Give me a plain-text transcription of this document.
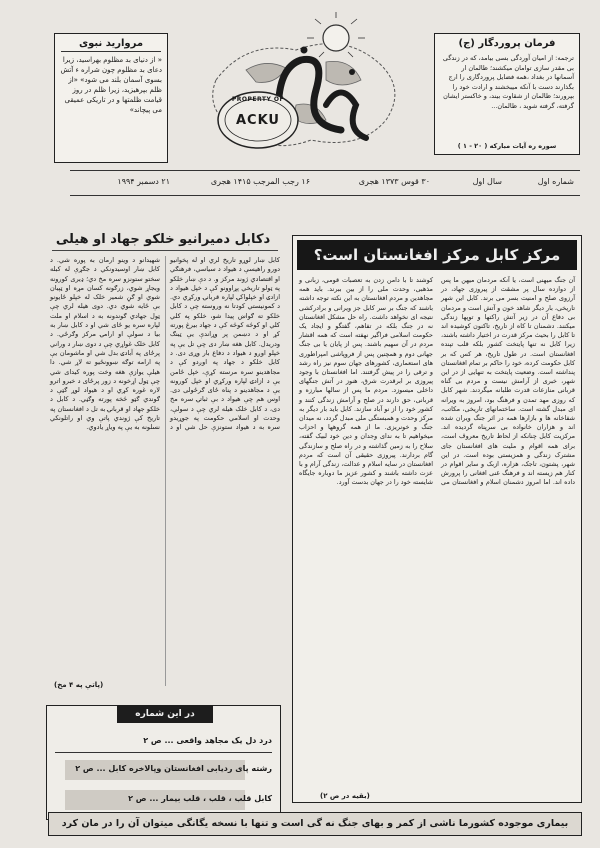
مروارید نبوی
« از دنیای بد مظلوم بهراسید، زیرا دعای بد مظلوم چون شراره ء آتش بسوی آسمان بلند می شود» «از ظلم بپرهیزید، زیرا ظلم در روز قیامت ظلمتها و در تاریکی عمیقی می پیچاند»
PROPERTY OF
ACKU
فرمان پروردگار (ج)
ترجمه: از امیان آوردگی بسی بیامد، که در زندگی بی مقدر سازی توامان میکشند؛ ظالمان ار آسمانها در بغداد ،همه فضایل پروردگاری را ارج بگذارند دست با آنکه میبخشند و ارادت خود را بپرورند؛ ظالمان از شقاوت بیند، و خاکستر ایشان گرفته، گرفته شوید ، ظالمان...
سوره ره آیات مبارکه ( ۲۰ - ۱ )
شماره اول
سال اول
۳۰ قوس ۱۳۷۳ هجری
۱۶ رجب المرجب ۱۴۱۵ هجری
۲۱ دسمبر ۱۹۹۴
دکابل دمیرانیو خلکو جهاد او هیلی
کابل ښار لوړو تاریخ لري او له پخوانیو دورو راهیسې د هیواد د سیاسي، فرهنګي او اقتصادي ژوند مرکز و. د دې ښار خلکو په ټولو تاریخي پړاوونو کې د خپل هیواد د ازادۍ او خپلواکۍ لپاره قربانۍ ورکړي دي. د کمونیستي کودتا نه وروسته چې د کابل خلکو ته ګواښ پیدا شو، خلکو په کلي کلي او کوڅه کوڅه کې د جهاد بیرغ پورته کړ او د دښمن پر وړاندې یې ټینګ ودریدل. کابل هغه ښار دی چې تل یې په خپلو اوږو د هیواد د دفاع بار وړی دی. د کابل خلکو د جهاد په اوږدو کې د مجاهدینو سره مرسته کړې، خپل ځامن یې د ازادۍ لپاره ورکړي او خپل کورونه یې د مجاهدینو د پناه ځای ګرځولی دی. اوس هم چې هیواد د بې ثباتۍ سره مخ دی، د کابل خلک هیله لري چې د سولې، وحدت او اسلامي حکومت په جوړیدو سره به د هیواد ستونزې حل شي او د شهیدانو د وینو ارمان به پوره شي. د کابل ښار اوسیدونکي د جګړې له کبله سختو ستونزو سره مخ دي؛ ډیری کورونه ویجاړ شوي، زرګونه کسان مړه او ټپیان شوي او ګڼ شمیر خلک له خپلو ځایونو بې ځایه شوي دي. دوی هیله لري چې ټول جهادي ګوندونه به د اسلام او ملت لپاره سره یو ځای شي او د کابل ښار به بیا د سولې او ارامۍ مرکز وګرځي. د کابل خلک غواړي چې د دوی ښار د وراني پرځای په آبادۍ بدل شي او ماشومان یې په ارامه توګه ښوونځیو ته لاړ شي. دا هیلې یوازې هغه وخت پوره کیدای شي چې ټول اړخونه د زور پرځای د خبرو اترو لاره غوره کړي او د هیواد لوړ ګټې د ګوندي ګټو څخه پورته وګڼي. د کابل د خلکو جهاد او قربانۍ به تل د افغانستان په تاریخ کې ژوندي پاتې وي او راتلونکي نسلونه به یې په ویاړ یادوي.
(پاتې په ۴ مخ)
در این شماره
درد دل یک مجاهد واقعی ... ص ۲
رشته پای ردیابی افغانستان وپالاخره کابل ... ص ۲
کابل قلب ، قلب ، قلب بیمار ... ص ۲
مرکز کابل مرکز افغانستان است؟
آن جنگ میهنی است، یا آنکه مردمان میهن ما پس از دوازده سال پر مشقت از پیروزی جهاد، در آرزوی صلح و امنیت بسر می برند. کابل این شهر تاریخی، بار دیگر شاهد خون و آتش است و مردمان بی دفاع آن در زیر آتش راکتها و توپها زندگی میکنند. دشمنان تا کاه از تاریخ، تاکنون کوشیده اند تا کابل را بحیث مرکز قدرت در اختیار داشته باشند، زیرا کابل نه تنها پایتخت کشور بلکه قلب تپنده افغانستان است. در طول تاریخ، هر کس که بر کابل حکومت کرده، خود را حاکم بر تمام افغانستان پنداشته است. وضعیت پایتخت به تنهایی از در این شهر، خبری از آرامش نیست و مردم بی گناه قربانی منازعات قدرت طلبانه میگردند. شهر کابل که روزی مهد تمدن و فرهنگ بود، امروز به ویرانه ای مبدل گشته است. ساختمانهای تاریخی، مکاتب، شفاخانه ها و بازارها همه در اثر جنگ ویران شده اند و هزاران خانواده بی سرپناه گردیده اند. مرکزیت کابل چنانکه از لحاظ تاریخ معروف است، برای همه اقوام و ملیت های افغانستان جای مشترک زندگی و همزیستی بوده است. در این شهر، پشتون، تاجک، هزاره، ازبک و سایر اقوام در کنار هم زیسته اند و فرهنگ غنی افغانی را پرورش داده اند. اما امروز دشمنان اسلام و افغانستان می کوشند تا با دامن زدن به تعصبات قومی، زبانی و مذهبی، وحدت ملی را از بین ببرند. باید همه مجاهدین و مردم افغانستان به این نکته توجه داشته باشند که جنگ بر سر کابل جز ویرانی و برادرکشی نتیجه ای نخواهد داشت. راه حل مشکل افغانستان نه در جنگ بلکه در تفاهم، گفتگو و ایجاد یک حکومت اسلامی فراگیر نهفته است که همه اقشار مردم در آن سهیم باشند. پس از پایان یا بی جنگ جهانی دوم و همچنین پس از فروپاشی امپراطوری های استعماری، کشورهای جهان سوم نیز راه رشد و ترقی را در پیش گرفتند. اما افغانستان با وجود پیروزی بر ابرقدرت شرق، هنوز در آتش جنگهای داخلی میسوزد. مردم ما پس از سالها مبارزه و قربانی، حق دارند در صلح و آرامش زندگی کنند و کشور خود را از نو آباد سازند. کابل باید بار دیگر به مرکز وحدت و همبستگی ملی مبدل گردد، نه میدان جنگ و خونریزی. ما از همه گروهها و احزاب میخواهیم تا به ندای وجدان و دین خود لبیک گفته، سلاح را به زمین گذاشته و در راه صلح و سازندگی گام بردارند. پیروزی حقیقی آن است که مردم افغانستان در سایه اسلام و عدالت، زندگی آرام و با عزت داشته باشند و کشور عزیز ما دوباره جایگاه شایسته خود را در جهان بدست آورد.
(بقیه در ص ۲)
بیماری موجوده کشورما ناشی از کمر و بهای جنگ نه گی است و تنها با نسخه یگانگی میتوان آن را در مان کرد
